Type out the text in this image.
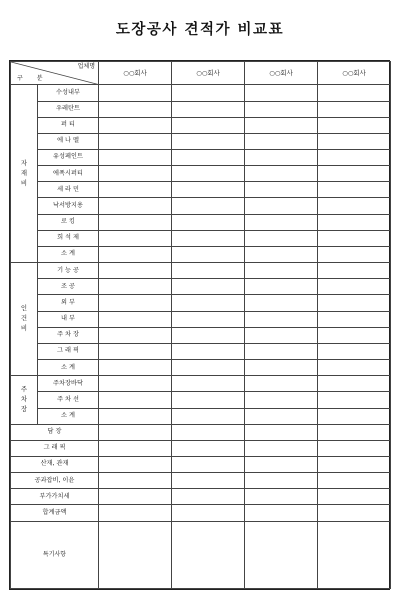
도장공사 견적가 비교표
업체명
구 분		○○회사	○○회사	○○회사	○○회사

자
재
비	수성내부				
	우레탄트				
	퍼 티				
	에 나 멜				
	유성페인트				
	에폭시퍼티				
	세 라 민				
	낙서방지용				
	로 킹				
	희 석 제				
	소 계				

인
건
비	기 능 공				
	조 공				
	외 부				
	내 부				
	주 차 장				
	그 래 픽				
	소 계				

주
차
장	주차장바닥				
	주 차 선				
	소 계				
담 장					
그 래 픽					
산재, 관재					
공과잡비, 이윤					
부가가치세					
합계금액					
특기사항					
